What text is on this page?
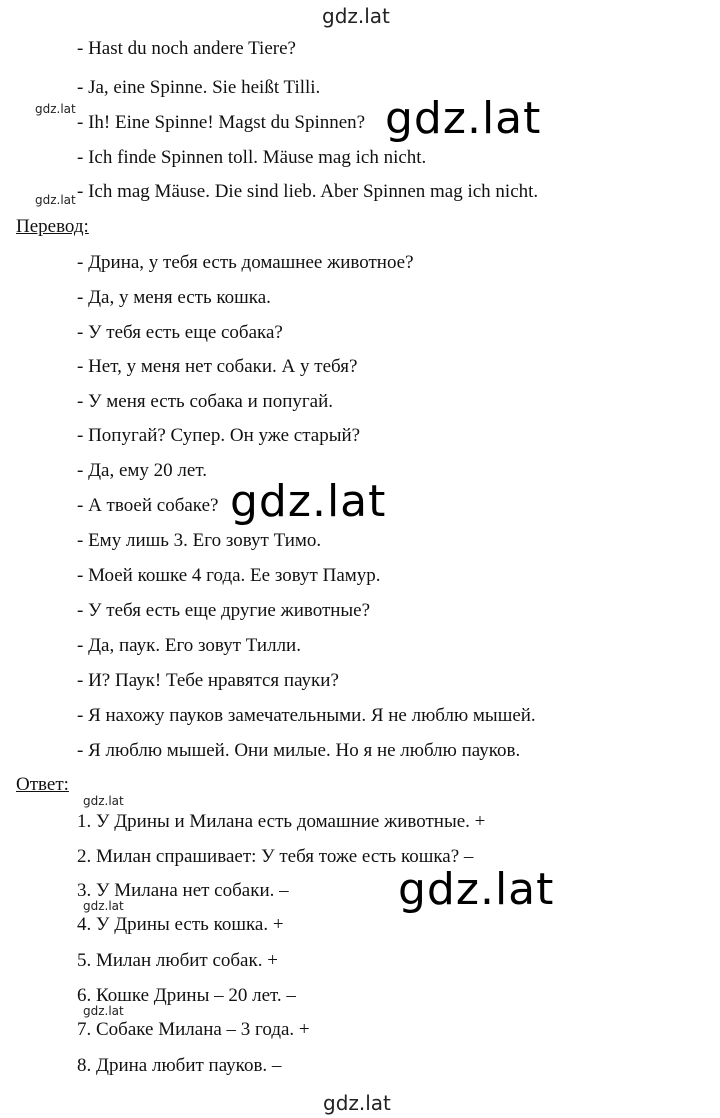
gdz.lat
- Hast du noch andere Tiere?
- Ja, eine Spinne. Sie heißt Tilli.
- Ih! Eine Spinne! Magst du Spinnen?
- Ich finde Spinnen toll. Mäuse mag ich nicht.
- Ich mag Mäuse. Die sind lieb. Aber Spinnen mag ich nicht.
Перевод:
- Дрина, у тебя есть домашнее животное?
- Да, у меня есть кошка.
- У тебя есть еще собака?
- Нет, у меня нет собаки. А у тебя?
- У меня есть собака и попугай.
- Попугай? Супер. Он уже старый?
- Да, ему 20 лет.
- А твоей собаке?
- Ему лишь 3. Его зовут Тимо.
- Моей кошке 4 года. Ее зовут Памур.
- У тебя есть еще другие животные?
- Да, паук. Его зовут Тилли.
- И? Паук! Тебе нравятся пауки?
- Я нахожу пауков замечательными. Я не люблю мышей.
- Я люблю мышей. Они милые. Но я не люблю пауков.
Ответ:
1. У Дрины и Милана есть домашние животные. +
2. Милан спрашивает: У тебя тоже есть кошка? –
3. У Милана нет собаки. –
4. У Дрины есть кошка. +
5. Милан любит собак. +
6. Кошке Дрины – 20 лет. –
7. Собаке Милана – 3 года. +
8. Дрина любит пауков. –
gdz.lat
gdz.lat
gdz.lat
gdz.lat
gdz.lat
gdz.lat
gdz.lat
gdz.lat
gdz.lat
